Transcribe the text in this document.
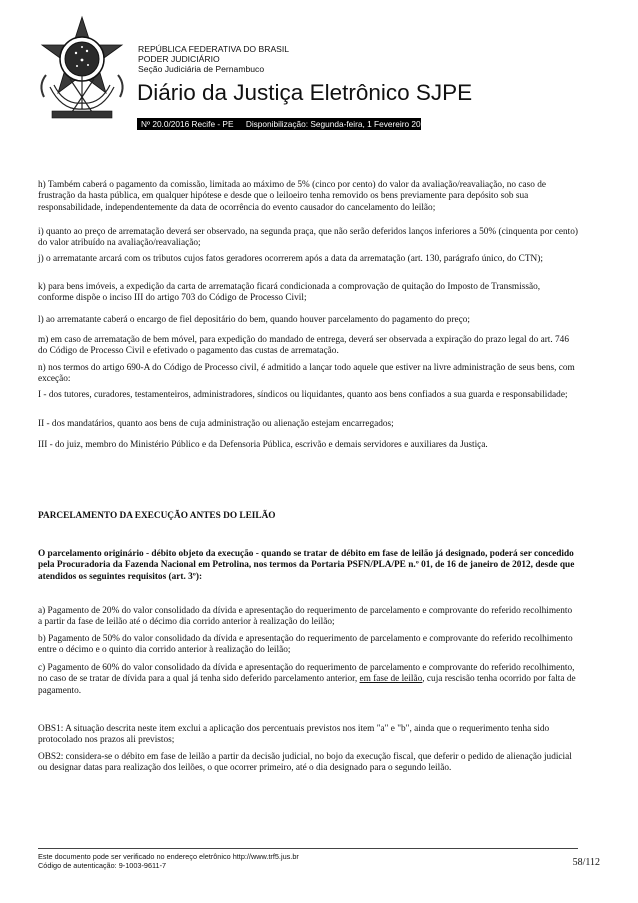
REPÚBLICA FEDERATIVA DO BRASIL
PODER JUDICIÁRIO
Seção Judiciária de Pernambuco
Diário da Justiça Eletrônico SJPE
Nº 20.0/2016 Recife - PE Disponibilização: Segunda-feira, 1 Fevereiro 2016

h) Também caberá o pagamento da comissão, limitada ao máximo de 5% (cinco por cento) do valor da avaliação/reavaliação, no caso de frustração da hasta pública, em qualquer hipótese e desde que o leiloeiro tenha removido os bens previamente para depósito sob sua responsabilidade, independentemente da data de ocorrência do evento causador do cancelamento do leilão;

i) quanto ao preço de arrematação deverá ser observado, na segunda praça, que não serão deferidos lanços inferiores a 50% (cinquenta por cento) do valor atribuído na avaliação/reavaliação;

j) o arrematante arcará com os tributos cujos fatos geradores ocorrerem após a data da arrematação (art. 130, parágrafo único, do CTN);

k) para bens imóveis, a expedição da carta de arrematação ficará condicionada a comprovação de quitação do Imposto de Transmissão, conforme dispõe o inciso III do artigo 703 do Código de Processo Civil;

l) ao arrematante caberá o encargo de fiel depositário do bem, quando houver parcelamento do pagamento do preço;

m) em caso de arrematação de bem móvel, para expedição do mandado de entrega, deverá ser observada a expiração do prazo legal do art. 746 do Código de Processo Civil e efetivado o pagamento das custas de arrematação.

n) nos termos do artigo 690-A do Código de Processo civil, é admitido a lançar todo aquele que estiver na livre administração de seus bens, com exceção:

I - dos tutores, curadores, testamenteiros, administradores, síndicos ou liquidantes, quanto aos bens confiados a sua guarda e responsabilidade;

II - dos mandatários, quanto aos bens de cuja administração ou alienação estejam encarregados;

III - do juiz, membro do Ministério Público e da Defensoria Pública, escrivão e demais servidores e auxiliares da Justiça.

PARCELAMENTO DA EXECUÇÃO ANTES DO LEILÃO

O parcelamento originário - débito objeto da execução - quando se tratar de débito em fase de leilão já designado, poderá ser concedido pela Procuradoria da Fazenda Nacional em Petrolina, nos termos da Portaria PSFN/PLA/PE n.º 01, de 16 de janeiro de 2012, desde que atendidos os seguintes requisitos (art. 3º):

a) Pagamento de 20% do valor consolidado da dívida e apresentação do requerimento de parcelamento e comprovante do referido recolhimento a partir da fase de leilão até o décimo dia corrido anterior à realização do leilão;

b) Pagamento de 50% do valor consolidado da dívida e apresentação do requerimento de parcelamento e comprovante do referido recolhimento entre o décimo e o quinto dia corrido anterior à realização do leilão;

c) Pagamento de 60% do valor consolidado da dívida e apresentação do requerimento de parcelamento e comprovante do referido recolhimento, no caso de se tratar de dívida para a qual já tenha sido deferido parcelamento anterior, em fase de leilão, cuja rescisão tenha ocorrido por falta de pagamento.

OBS1: A situação descrita neste item exclui a aplicação dos percentuais previstos nos item "a" e "b", ainda que o requerimento tenha sido protocolado nos prazos ali previstos;

OBS2: considera-se o débito em fase de leilão a partir da decisão judicial, no bojo da execução fiscal, que deferir o pedido de alienação judicial ou designar datas para realização dos leilões, o que ocorrer primeiro, até o dia designado para o segundo leilão.

Este documento pode ser verificado no endereço eletrônico http://www.trf5.jus.br
Código de autenticação: 9-1003-9611-7	58/112
